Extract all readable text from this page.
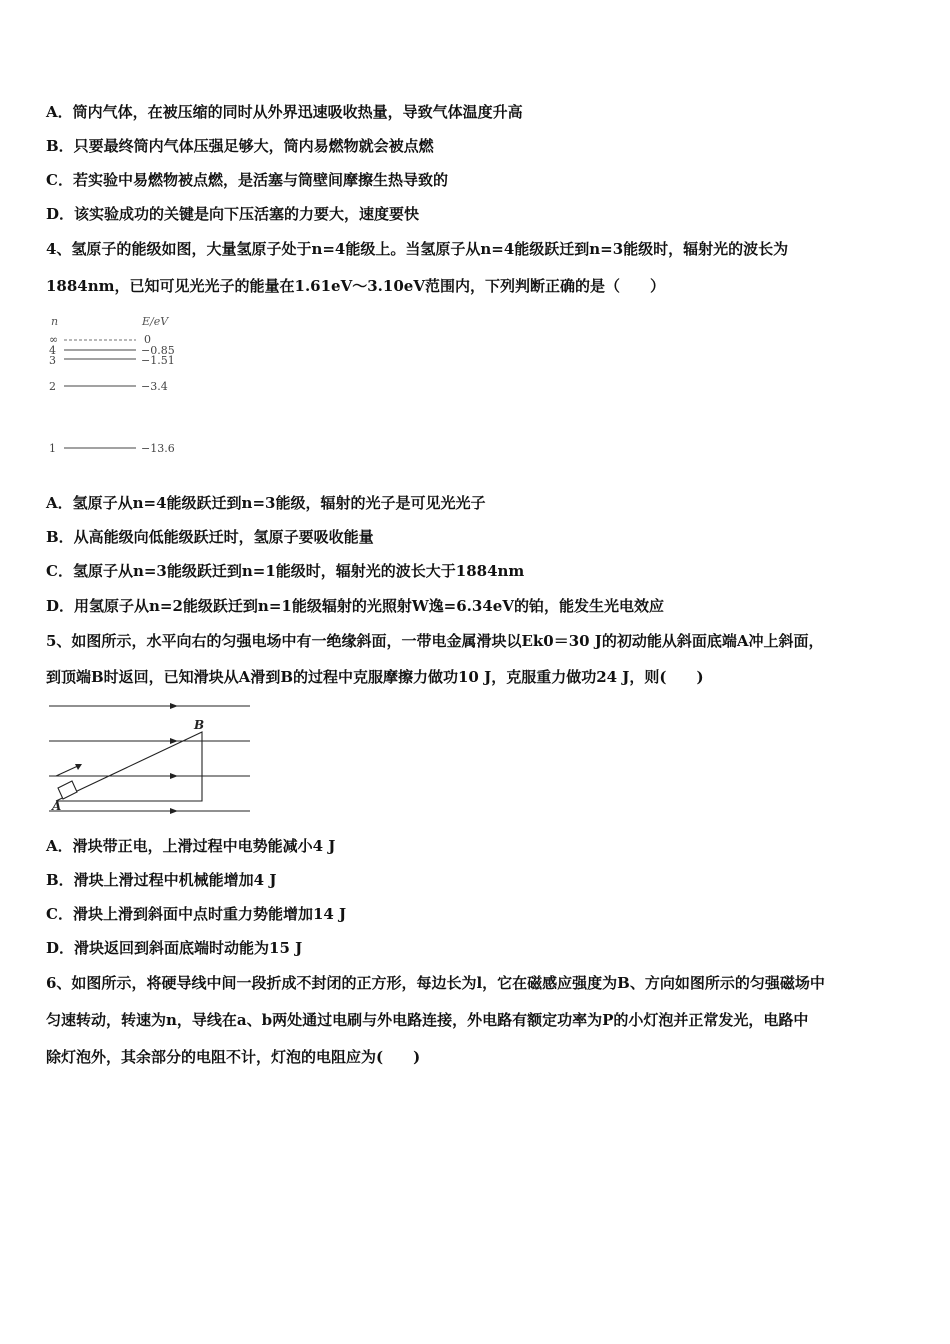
A．筒内气体，在被压缩的同时从外界迅速吸收热量，导致气体温度升高
B．只要最终筒内气体压强足够大，筒内易燃物就会被点燃
C．若实验中易燃物被点燃，是活塞与筒壁间摩擦生热导致的
D．该实验成功的关键是向下压活塞的力要大，速度要快
4、氢原子的能级如图，大量氢原子处于n=4能级上。当氢原子从n=4能级跃迁到n=3能级时，辐射光的波长为
1884nm，已知可见光光子的能量在1.61eV～3.10eV范围内，下列判断正确的是（　　）
n	E/eV
∞	0
4	−0.85
3	−1.51
2	−3.4
1	−13.6
A．氢原子从n=4能级跃迁到n=3能级，辐射的光子是可见光光子
B．从高能级向低能级跃迁时，氢原子要吸收能量
C．氢原子从n=3能级跃迁到n=1能级时，辐射光的波长大于1884nm
D．用氢原子从n=2能级跃迁到n=1能级辐射的光照射W逸=6.34eV的铂，能发生光电效应
5、如图所示，水平向右的匀强电场中有一绝缘斜面，一带电金属滑块以Ek0＝30 J的初动能从斜面底端A冲上斜面，
到顶端B时返回，已知滑块从A滑到B的过程中克服摩擦力做功10 J，克服重力做功24 J，则(　　)
A
B
A．滑块带正电，上滑过程中电势能减小4 J
B．滑块上滑过程中机械能增加4 J
C．滑块上滑到斜面中点时重力势能增加14 J
D．滑块返回到斜面底端时动能为15 J
6、如图所示，将硬导线中间一段折成不封闭的正方形，每边长为l，它在磁感应强度为B、方向如图所示的匀强磁场中
匀速转动，转速为n，导线在a、b两处通过电刷与外电路连接，外电路有额定功率为P的小灯泡并正常发光，电路中
除灯泡外，其余部分的电阻不计，灯泡的电阻应为(　　)
